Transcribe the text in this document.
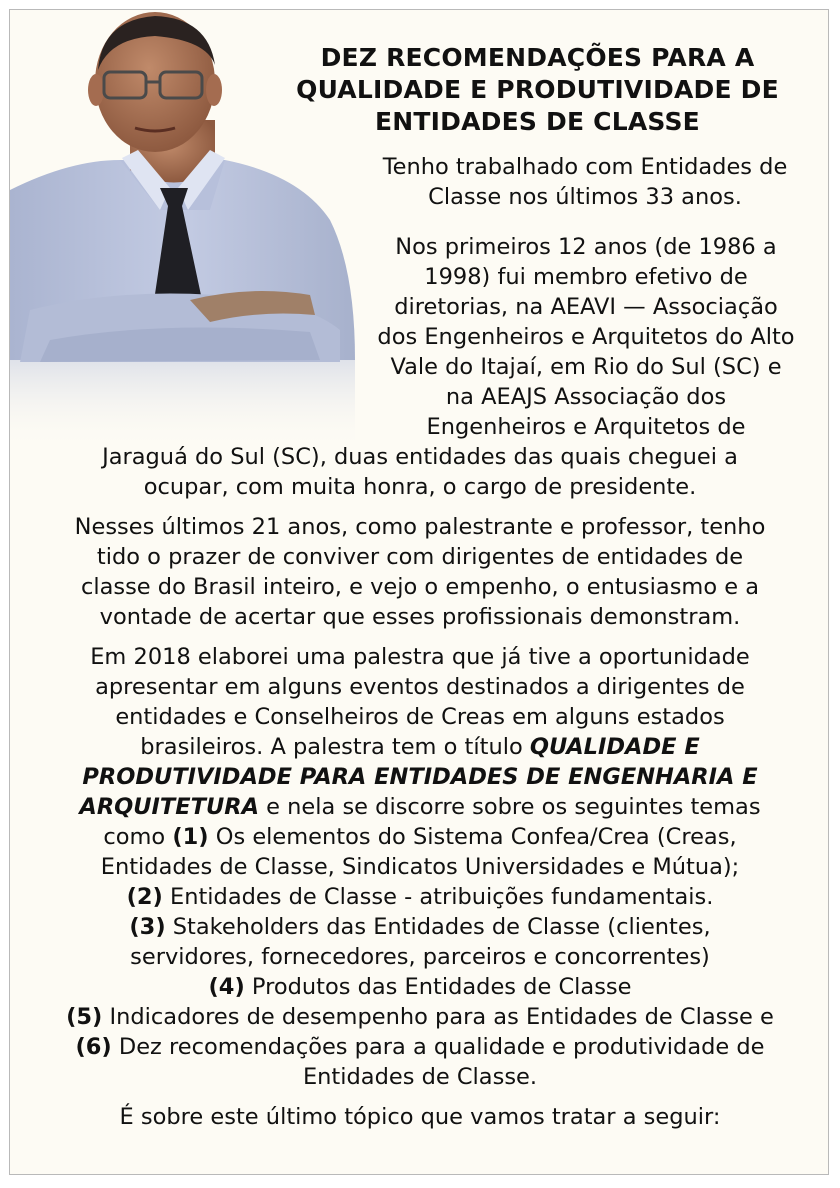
DEZ RECOMENDAÇÕES PARA A
QUALIDADE E PRODUTIVIDADE DE
ENTIDADES DE CLASSE
Tenho trabalhado com Entidades de
Classe nos últimos 33 anos.
Nos primeiros 12 anos (de 1986 a
1998) fui membro efetivo de
diretorias, na AEAVI — Associação
dos Engenheiros e Arquitetos do Alto
Vale do Itajaí, em Rio do Sul (SC) e
na AEAJS Associação dos
Engenheiros e Arquitetos de
Jaraguá do Sul (SC), duas entidades das quais cheguei a
ocupar, com muita honra, o cargo de presidente.
Nesses últimos 21 anos, como palestrante e professor, tenho
tido o prazer de conviver com dirigentes de entidades de
classe do Brasil inteiro, e vejo o empenho, o entusiasmo e a
vontade de acertar que esses profissionais demonstram.
Em 2018 elaborei uma palestra que já tive a oportunidade
apresentar em alguns eventos destinados a dirigentes de
entidades e Conselheiros de Creas em alguns estados
brasileiros. A palestra tem o título QUALIDADE E
PRODUTIVIDADE PARA ENTIDADES DE ENGENHARIA E
ARQUITETURA e nela se discorre sobre os seguintes temas
como (1) Os elementos do Sistema Confea/Crea (Creas,
Entidades de Classe, Sindicatos Universidades e Mútua);
(2) Entidades de Classe - atribuições fundamentais.
(3) Stakeholders das Entidades de Classe (clientes,
servidores, fornecedores, parceiros e concorrentes)
(4) Produtos das Entidades de Classe
(5) Indicadores de desempenho para as Entidades de Classe e
(6) Dez recomendações para a qualidade e produtividade de
Entidades de Classe.
É sobre este último tópico que vamos tratar a seguir:
